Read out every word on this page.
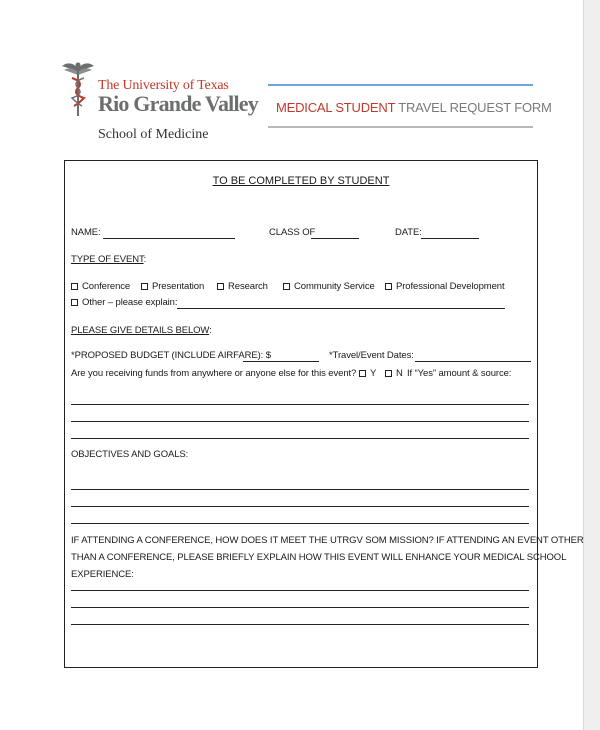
The University of Texas
Rio Grande Valley
School of Medicine
MEDICAL STUDENT TRAVEL REQUEST FORM
TO BE COMPLETED BY STUDENT
NAME:	CLASS OF	DATE:
TYPE OF EVENT:
Conference	Presentation	Research	Community Service	Professional Development
Other – please explain:
PLEASE GIVE DETAILS BELOW:
*PROPOSED BUDGET (INCLUDE AIRFARE): $	*Travel/Event Dates:
Are you receiving funds from anywhere or anyone else for this event?	Y	N If “Yes” amount & source:
OBJECTIVES AND GOALS:
IF ATTENDING A CONFERENCE, HOW DOES IT MEET THE UTRGV SOM MISSION? IF ATTENDING AN EVENT OTHER
THAN A CONFERENCE, PLEASE BRIEFLY EXPLAIN HOW THIS EVENT WILL ENHANCE YOUR MEDICAL SCHOOL
EXPERIENCE:
